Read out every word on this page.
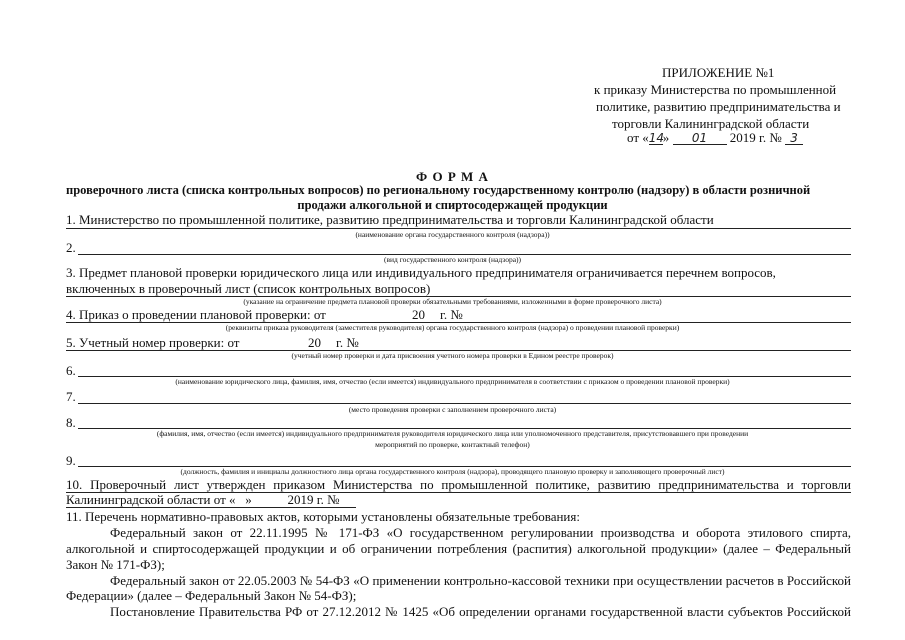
ПРИЛОЖЕНИЕ №1
к приказу Министерства по промышленной
политике, развитию предпринимательства и
торговли Калининградской области
от «14» 01 2019 г. № 3
Ф О Р М А
проверочного листа (списка контрольных вопросов) по региональному государственному контролю (надзору) в области розничной
продажи алкогольной и спиртосодержащей продукции
1. Министерство по промышленной политике, развитию предпринимательства и торговли Калининградской области
(наименование органа государственного контроля (надзора))
2.
(вид государственного контроля (надзора))
3. Предмет плановой проверки юридического лица или индивидуального предпринимателя ограничивается перечнем вопросов,
включенных в проверочный лист (список контрольных вопросов)
(указание на ограничение предмета плановой проверки обязательными требованиями, изложенными в форме проверочного листа)
4. Приказ о проведении плановой проверки: от	20 г. №
(реквизиты приказа руководителя (заместителя руководителя) органа государственного контроля (надзора) о проведении плановой проверки)
5. Учетный номер проверки: от	20 г. №
(учетный номер проверки и дата присвоения учетного номера проверки в Едином реестре проверок)
6.
(наименование юридического лица, фамилия, имя, отчество (если имеется) индивидуального предпринимателя в соответствии с приказом о проведении плановой проверки)
7.
(место проведения проверки с заполнением проверочного листа)
8.
(фамилия, имя, отчество (если имеется) индивидуального предпринимателя руководителя юридического лица или уполномоченного представителя, присутствовавшего при проведении
мероприятий по проверке, контактный телефон)
9.
(должность, фамилия и инициалы должностного лица органа государственного контроля (надзора), проводящего плановую проверку и заполняющего проверочный лист)
10. Проверочный лист утвержден приказом Министерства по промышленной политике, развитию предпринимательства и торговли
Калининградской области от «   »           2019 г. №
11. Перечень нормативно-правовых актов, которыми установлены обязательные требования:
Федеральный закон от 22.11.1995 № 171-ФЗ «О государственном регулировании производства и оборота этилового спирта,
алкогольной и спиртосодержащей продукции и об ограничении потребления (распития) алкогольной продукции» (далее – Федеральный
Закон № 171-ФЗ);
Федеральный закон от 22.05.2003 № 54-ФЗ «О применении контрольно-кассовой техники при осуществлении расчетов в Российской
Федерации» (далее – Федеральный Закон № 54-ФЗ);
Постановление Правительства РФ от 27.12.2012 № 1425 «Об определении органами государственной власти субъектов Российской
